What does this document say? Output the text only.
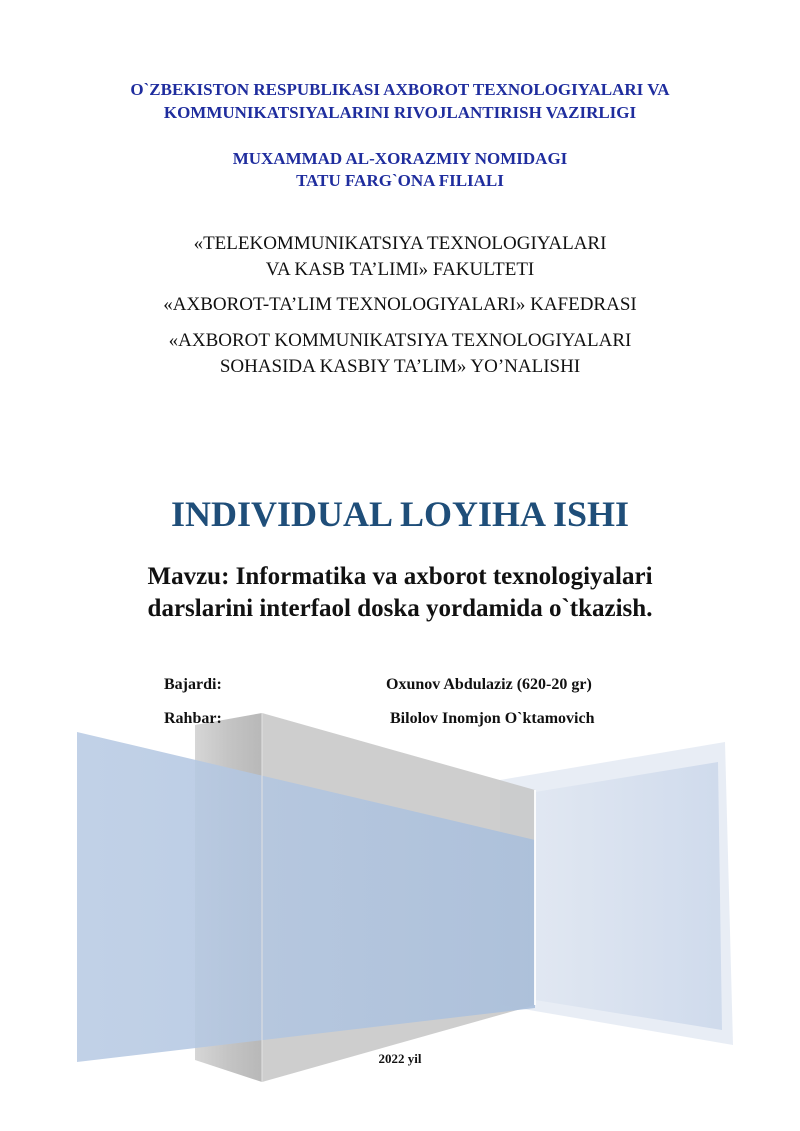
O`ZBEKISTON RESPUBLIKASI AXBOROT TEXNOLOGIYALARI VA
KOMMUNIKATSIYALARINI RIVOJLANTIRISH VAZIRLIGI
MUXAMMAD AL-XORAZMIY NOMIDAGI
TATU FARG`ONA FILIALI
«TELEKOMMUNIKATSIYA TEXNOLOGIYALARI
VA KASB TA’LIMI» FAKULTETI
«AXBOROT-TA’LIM TEXNOLOGIYALARI» KAFEDRASI
«AXBOROT KOMMUNIKATSIYA TEXNOLOGIYALARI
SOHASIDA KASBIY TA’LIM» YO’NALISHI
INDIVIDUAL LOYIHA ISHI
Mavzu: Informatika va axborot texnologiyalari
darslarini interfaol doska yordamida o`tkazish.
Bajardi:	Oxunov Abdulaziz (620-20 gr)
Rahbar:	Bilolov Inomjon O`ktamovich
2022 yil
